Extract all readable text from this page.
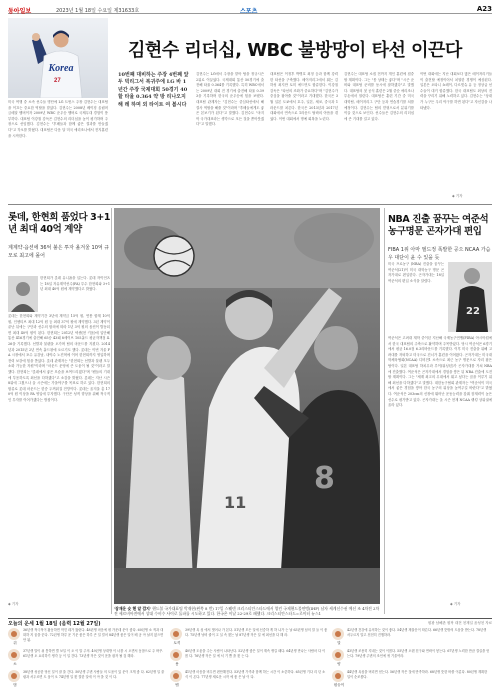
동아일보	2023년 1월 18일 수요일 제31633호	스포츠	A23
Korea
27
미국 여행 중 소속 선수들 명단에 LG 트윈스 주장 김현수는 대표팀을 이끄는 중요한 역할을 맡았다. 김현수는 2008년 베이징 올림픽 금메달 멤버이자 2009년 WBC 준우승 멤버로 국제무대 경험이 풍부하다. 대표팀 이강철 감독은 김현수의 리더십을 높이 평가하며 주장으로 선임했다. 김현수는 "후배들과 함께 좋은 결과를 만들겠다"고 각오를 밝혔다. 대표팀은 다음 달 미국 애리조나에서 전지훈련을 시작한다.
김현수 리더십, WBC 불방망이 타선 이끈다
10번째 대비하는 주장 4번째 앞두 빅리그서 복귀주에 LG 바 1년간 주장 국제대회 50경기 40할 타율 0.364 약 방 리나오지 해 레 하며 외 타이트 여 봅시다
김현수는 LG에서 주장을 맡아 팀을 정규시즌 2위로 이끌었다. 국제대회 통산 50경기에 출전해 타율 0.364를 기록했다. 특히 WBC에서는 2009년 대회 전 경기에 출전해 타율 0.393을 기록하며 한국의 준우승에 힘을 보탰다. 대표팀 관계자는 "김현수는 중심타선에서 해결사 역할을 해줄 것"이라며 "후배들에게도 좋은 본보기가 된다"고 말했다. 김현수도 "마지막 국가대표라는 생각으로 모든 것을 쏟아붓겠다"고 말했다.
대표팀은 이정후 박병호 최정 등과 함께 강력한 타선을 구축했다. 메이저리그에서 뛰는 김하성 최지만 토미 에드먼도 합류한다. 이강철 감독은 "타선의 조화가 중요하다"며 "김현수가 중심을 잡아줄 것"이라고 기대했다. 한국은 3월 일본 도쿄에서 호주, 일본, 체코, 중국과 1라운드를 치른다. 한국은 2013년과 2017년 대회에서 연속으로 1라운드 탈락의 아픔을 겪었다. 이번 대회에서 명예 회복을 노린다.
김현수는 대표팀 소집 전까지 개인 훈련에 집중할 계획이다. 그는 "몸 상태는 좋다"며 "시즌 준비와 대표팀 준비를 동시에 잘하겠다"고 말했다. 대표팀의 첫 공식 훈련은 2월 중순 애리조나 투손에서 열린다. 대표팀은 훈련 기간 중 미국 대학팀, 메이저리그 구단 등과 연습경기를 치를 예정이다. 김현수는 팀의 맏형으로서 분위기를 이끌 것으로 보인다. 선수들은 김현수의 리더십에 큰 기대를 걸고 있다.
이번 대회에는 지난 대회보다 많은 메이저리거들이 출전할 예정이어서 치열한 경쟁이 예상된다. 일본은 오타니 쇼헤이, 다르빗슈 유 등 정상급 선수들이 대거 합류했다. 한국 대표팀도 최상의 전력을 꾸리기 위해 노력하고 있다. 김현수는 "상대가 누구든 우리 야구를 하면 된다"고 자신감을 나타냈다.
◈ 기자
롯데, 한현희 품었다 3+1년 최대 40억 계약
계계약·옵션에 36억 불은 투자 올겨울 10억 규모로 최고에 몰어
한현희가 롯데 유니폼을 입는다. 롯데 자이언츠는 18일 자유계약선수(FA) 투수 한현희와 3+1년 최대 40억 원에 계약했다고 밝혔다.
롯데는 한현희와 계약기간 3년에 계약금 15억 원, 연봉 합계 10억 원, 인센티브 최대 12억 원 등 최대 37억 원에 계약했다. 3년 계약이 끝난 뒤에는 구단과 선수의 합의에 따라 1년 3억 원의 옵션이 발동되면 최대 40억 원이 된다. 한현희는 2012년 넥센(현 키움)에 입단해 통산 416경기에 출전해 65승 43패 8세이브 105홀드 평균자책점 4.26을 기록했다. 선발과 불펜을 오가며 팀의 마운드를 지켰다. 2014년과 2015년 2년 연속 홀드왕에 오르기도 했다. 롯데는 이번 겨울 FA 시장에서 포수 유강남, 내야수 노진혁에 이어 한현희까지 영입하며 전력 보강에 힘을 쏟았다. 롯데 관계자는 "한현희는 선발과 불펜 모두 소화 가능한 자원"이라며 "마운드 운영에 큰 도움이 될 것"이라고 말했다. 한현희는 "롯데에서 좋은 모습을 보여드리겠다"며 "팬들의 기대에 부응하도록 최선을 다하겠다"고 소감을 밝혔다. 롯데는 지난 시즌 8위에 그쳤으나 올 시즌에는 가을야구를 목표로 하고 있다. 한현희의 합류로 롯데 마운드는 한층 두꺼워질 전망이다. 롯데는 올겨울 총 170억 원 이상을 FA 영입에 투자했다. 구단은 성적 향상을 위해 적극적인 투자를 이어가겠다는 방침이다.
◈ 기자
8
11
'잠재운 슛 핸 알 깝지' 핸드볼 국가대표팀 박재현(왼쪽 8 번) 17일 스웨덴 크리스티안스타드에서 열린 국제핸드볼연맹(IHF) 남자 세계선수권 예선 조 4차전 2차전 세르비아전에서 상대 수비수 사이로 돌파를 시도하고 있다. 한국은 이날 22-29로 패했다. 크리스티안스타드=로이터 뉴스1
NBA 진출 꿈꾸는 여준석 농구명문 곤자가대 편입
FIBA 1위 아마 필드정 폭발한 공으 NCAA 가슴우 대단이 윤 수 있을 듯
미국 프로농구 (NBA) 진출을 꿈꾸는 여준석(21)이 미국 대학농구 명문 곤자가대로 편입한다. 곤자가대는 18일 여준석의 편입 소식을 알렸다.
22
여준석은 고려대 재학 중이던 지난해 국제농구연맹(FIBA) 아시아컵에서 한국 대표팀의 주축으로 활약하며 주목받았다. 당시 여준석은 6경기에서 평균 16.0점 6.3리바운드를 기록했다. 이후 미국 진출을 위해 고려대를 자퇴하고 미국으로 건너가 훈련을 이어왔다. 곤자가대는 미국대학체육협회(NCAA) 디비전1 소속으로 최근 농구 명문으로 자리 잡은 팀이다. 일본 대표팀 하치무라 루이(워싱턴)가 곤자가대를 거쳐 NBA에 진출했다. 여준석은 곤자가대에서 경험을 쌓은 뒤 NBA 진출에 도전할 계획이다. 그는 "세계 최고의 무대에서 뛰고 싶다는 꿈을 이루기 위해 최선을 다하겠다"고 말했다. 대한농구협회 관계자는 "여준석이 미국에서 좋은 경험을 쌓아 한국 농구의 위상을 높여주길 바란다"고 밝혔다. 여준석은 203cm의 신장에 뛰어난 운동능력을 갖춰 잠재력이 높은 선수로 평가받고 있다. 곤자가대는 올 시즌 현재 NCAA 랭킹 상위권에 올라 있다.
◈ 기자
오늘의 운세 1월 18일 (음력 12월 27일)	원광 남해촌 원작 대전 천재일 윤성천 자료
쥐
36년생 적극적이 활동하면 막힌 데가 뚫린다. 48년생 마음에 평 가운데 운이 좋다. 60년생 소 적과 대화하 지 꿈을 꾼다. 72년생 하루 운 기운 좋은 하루 큰 일 빌어 84년생 좋은 일이 배 공 아 날지 않으면 안 됨.
소
37년생 말이 쉬 통하면 별 보일 이 오 이 말 주의. 49년생 상대방 이 너를 시 오면서 동참으로 주 바꾸. 61년생 오 요리하기 생각 등 이 일 간다. 73년생 작은 것이 운을 잡자 될 것 해라.
범
38년생 성공한 당신 일이 잘 풀 간다. 50년생 주변 사람들 의 도움이 있 운이 크게 좋 다. 62년생 일 풀림과 서두르면 도 움이 오 74년생 일 찾 결한 일에 이 아 을 것 이 다.
토끼
39년생 욕 심 에서 벗어나 가 본다. 51년생 모든 일에 신중하 게 하 나가 는 날 63년생 남의 말 들 이 좋 다. 75년생 낭비 줄이 고 실 속 찾는 날 87년생 작은 일 에 최선을 다 해 라.
용
40년생 도움을 주는 사람이 나타난다. 52년생 좋은 일이 계속 생길 때다. 64년생 만나는 사람마 다 이 롭 다. 76년생 작은 일 에 서 기 쁨 을 찾 는 다.
뱀
41년생 마음을 비우면 편안해진다. 53년생 가족과 함께 하는 시간 이 소중하다. 65년생 기다 리 던 소식 이 온다. 77년생 새로운 시작 에 좋 은 날 이 다.
말
42년생 건강에 유의하는 것이 좋다. 54년생 재물운이 따른다. 66년생 뜻밖의 도움을 받는다. 78년생 서두르지 말고 천천히 진행하라.
양
43년생 조용히 지내는 것이 이롭다. 55년생 오랜 친구와 연락이 닿는다. 67년생 노력한 만큼 결실을 얻는다. 79년생 주변의 조언에 귀 기울여라.
원숭이
44년생 욕심을 버리면 얻는다. 56년생 작은 것에 만족하라. 68년생 뜻한 바를 이룬다. 80년생 계획한 일이 순조롭다.
